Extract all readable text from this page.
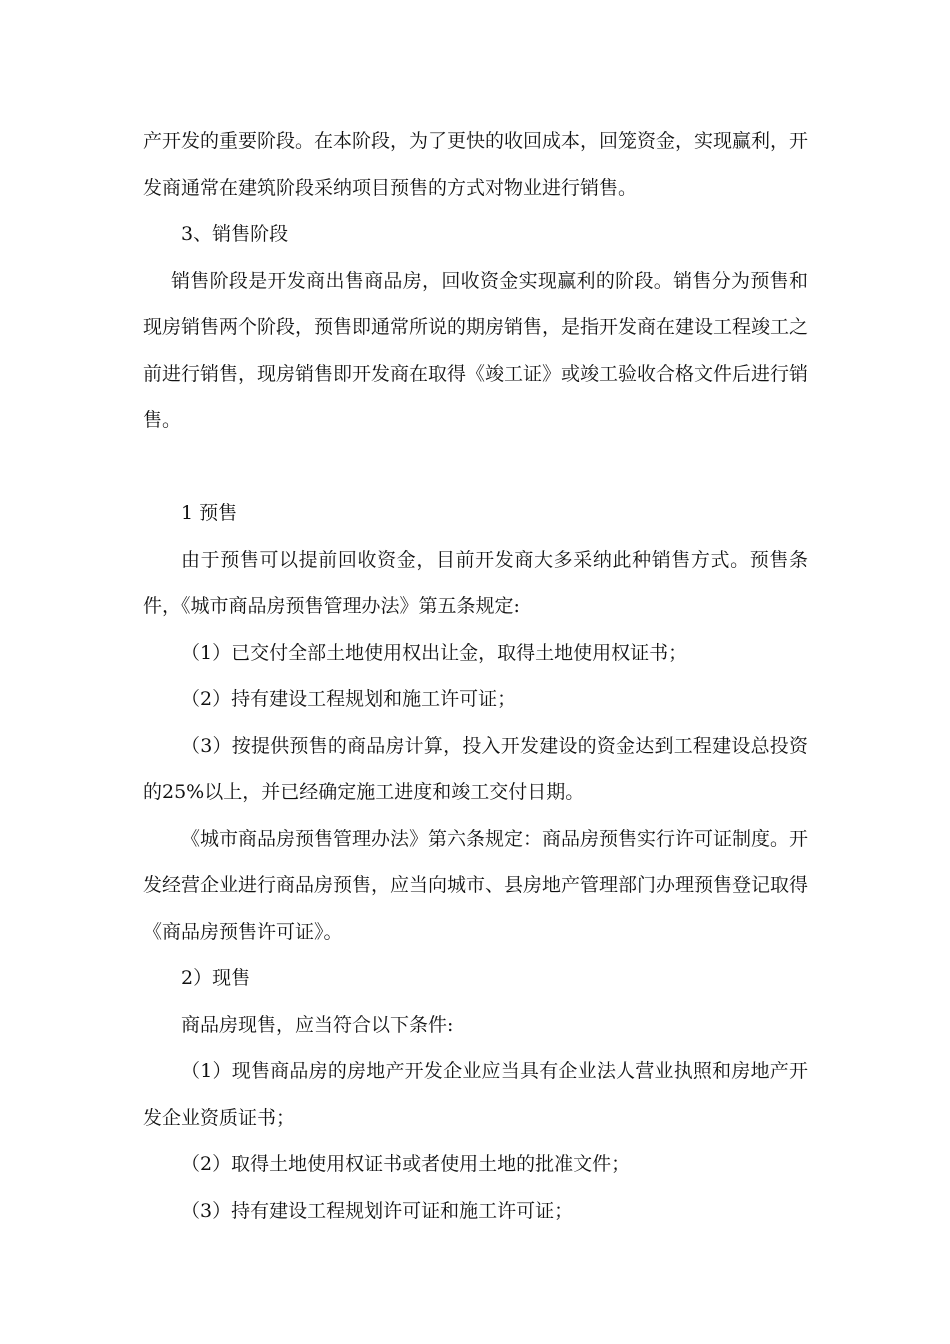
产开发的重要阶段。在本阶段，为了更快的收回成本，回笼资金，实现赢利，开发商通常在建筑阶段采纳项目预售的方式对物业进行销售。

3、销售阶段

销售阶段是开发商出售商品房，回收资金实现赢利的阶段。销售分为预售和现房销售两个阶段，预售即通常所说的期房销售，是指开发商在建设工程竣工之前进行销售，现房销售即开发商在取得《竣工证》或竣工验收合格文件后进行销售。

1 预售

由于预售可以提前回收资金，目前开发商大多采纳此种销售方式。预售条件，《城市商品房预售管理办法》第五条规定:

（1）已交付全部土地使用权出让金，取得土地使用权证书；

（2）持有建设工程规划和施工许可证；

（3）按提供预售的商品房计算，投入开发建设的资金达到工程建设总投资的25%以上，并已经确定施工进度和竣工交付日期。

《城市商品房预售管理办法》第六条规定：商品房预售实行许可证制度。开发经营企业进行商品房预售，应当向城市、县房地产管理部门办理预售登记取得《商品房预售许可证》。

2）现售

商品房现售，应当符合以下条件:

（1）现售商品房的房地产开发企业应当具有企业法人营业执照和房地产开发企业资质证书；

（2）取得土地使用权证书或者使用土地的批准文件；

（3）持有建设工程规划许可证和施工许可证；
